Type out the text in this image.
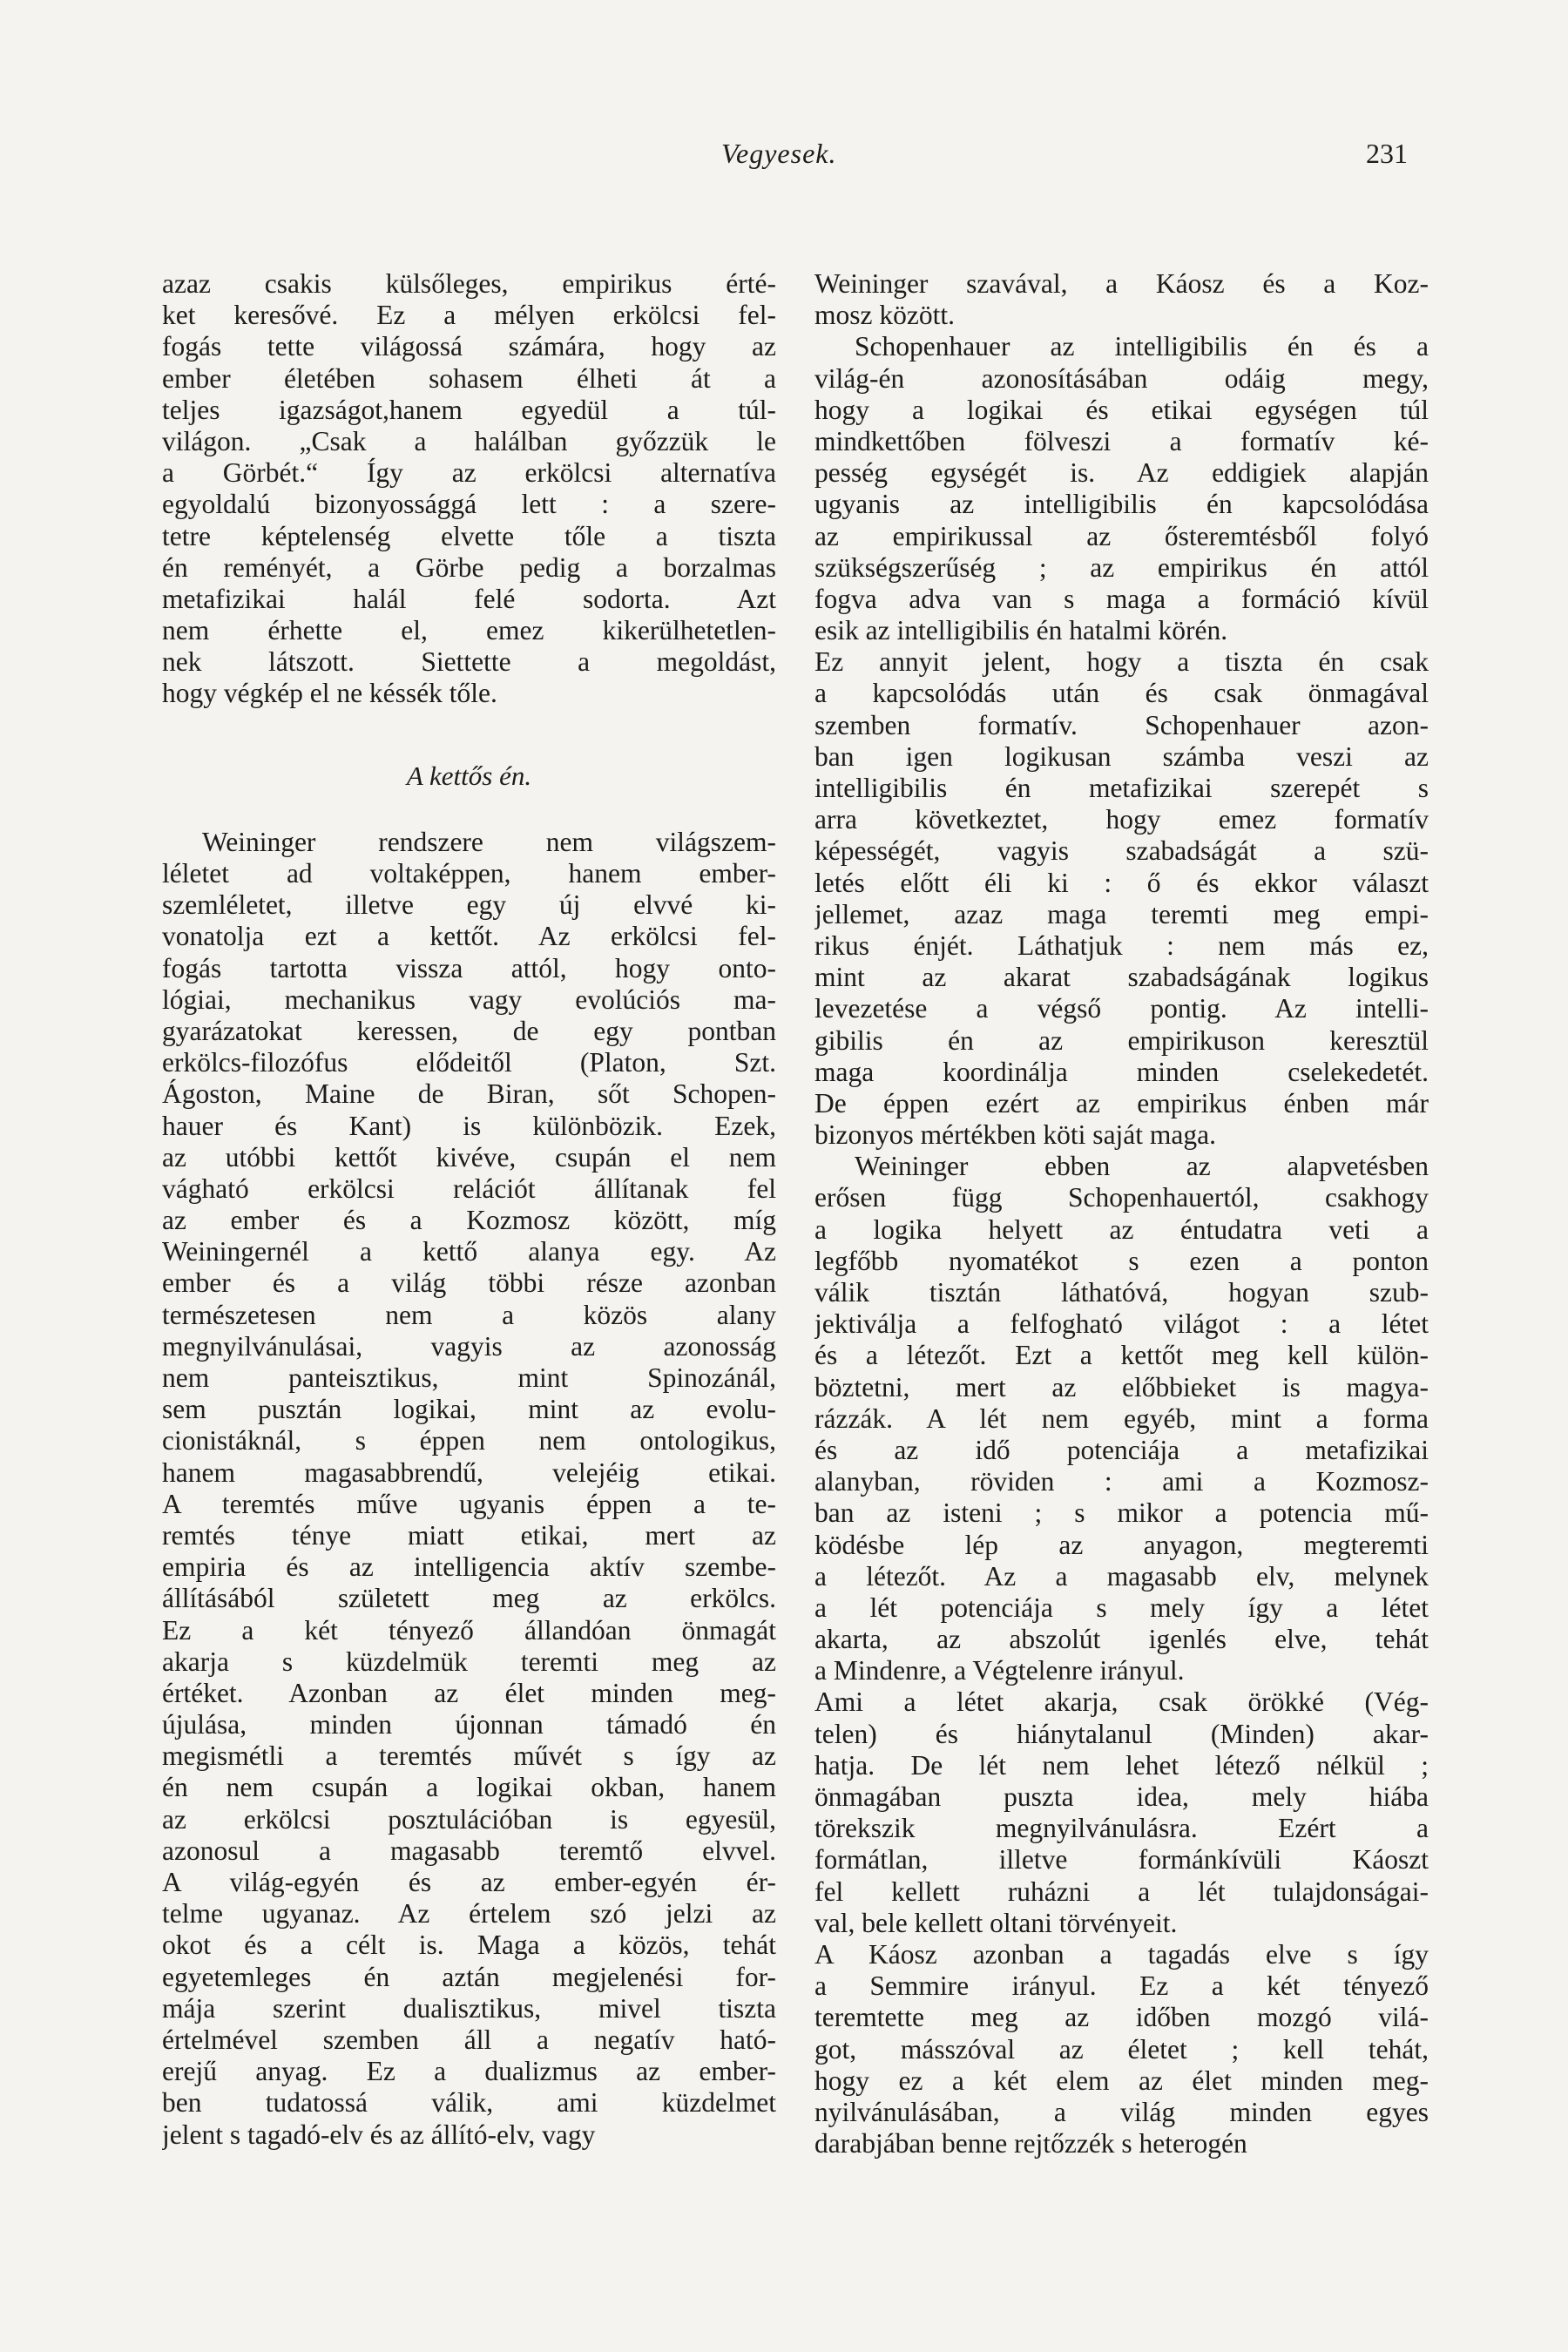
Vegyesek.	231
azaz csakis külsőleges, empirikus érté-
ket keresővé. Ez a mélyen erkölcsi fel-
fogás tette világossá számára, hogy az
ember életében sohasem élheti át a
teljes igazságot,hanem egyedül a túl-
világon. „Csak a halálban győzzük le
a Görbét.“ Így az erkölcsi alternatíva
egyoldalú bizonyossággá lett : a szere-
tetre képtelenség elvette tőle a tiszta
én reményét, a Görbe pedig a borzalmas
metafizikai halál felé sodorta. Azt
nem érhette el, emez kikerülhetetlen-
nek látszott. Siettette a megoldást,
hogy végkép el ne késsék tőle.
A kettős én.
Weininger rendszere nem világszem-
léletet ad voltaképpen, hanem ember-
szemléletet, illetve egy új elvvé ki-
vonatolja ezt a kettőt. Az erkölcsi fel-
fogás tartotta vissza attól, hogy onto-
lógiai, mechanikus vagy evolúciós ma-
gyarázatokat keressen, de egy pontban
erkölcs-filozófus elődeitől (Platon, Szt.
Ágoston, Maine de Biran, sőt Schopen-
hauer és Kant) is különbözik. Ezek,
az utóbbi kettőt kivéve, csupán el nem
vágható erkölcsi relációt állítanak fel
az ember és a Kozmosz között, míg
Weiningernél a kettő alanya egy. Az
ember és a világ többi része azonban
természetesen nem a közös alany
megnyilvánulásai, vagyis az azonosság
nem panteisztikus, mint Spinozánál,
sem pusztán logikai, mint az evolu-
cionistáknál, s éppen nem ontologikus,
hanem magasabbrendű, velejéig etikai.
A teremtés műve ugyanis éppen a te-
remtés ténye miatt etikai, mert az
empiria és az intelligencia aktív szembe-
állításából született meg az erkölcs.
Ez a két tényező állandóan önmagát
akarja s küzdelmük teremti meg az
értéket. Azonban az élet minden meg-
újulása, minden újonnan támadó én
megismétli a teremtés művét s így az
én nem csupán a logikai okban, hanem
az erkölcsi posztulációban is egyesül,
azonosul a magasabb teremtő elvvel.
A világ-egyén és az ember-egyén ér-
telme ugyanaz. Az értelem szó jelzi az
okot és a célt is. Maga a közös, tehát
egyetemleges én aztán megjelenési for-
mája szerint dualisztikus, mivel tiszta
értelmével szemben áll a negatív ható-
erejű anyag. Ez a dualizmus az ember-
ben tudatossá válik, ami küzdelmet
jelent s tagadó-elv és az állító-elv, vagy
Weininger szavával, a Káosz és a Koz-
mosz között.
Schopenhauer az intelligibilis én és a
világ-én azonosításában odáig megy,
hogy a logikai és etikai egységen túl
mindkettőben fölveszi a formatív ké-
pesség egységét is. Az eddigiek alapján
ugyanis az intelligibilis én kapcsolódása
az empirikussal az ősteremtésből folyó
szükségszerűség ; az empirikus én attól
fogva adva van s maga a formáció kívül
esik az intelligibilis én hatalmi körén.
Ez annyit jelent, hogy a tiszta én csak
a kapcsolódás után és csak önmagával
szemben formatív. Schopenhauer azon-
ban igen logikusan számba veszi az
intelligibilis én metafizikai szerepét s
arra következtet, hogy emez formatív
képességét, vagyis szabadságát a szü-
letés előtt éli ki : ő és ekkor választ
jellemet, azaz maga teremti meg empi-
rikus énjét. Láthatjuk : nem más ez,
mint az akarat szabadságának logikus
levezetése a végső pontig. Az intelli-
gibilis én az empirikuson keresztül
maga koordinálja minden cselekedetét.
De éppen ezért az empirikus énben már
bizonyos mértékben köti saját maga.
Weininger ebben az alapvetésben
erősen függ Schopenhauertól, csakhogy
a logika helyett az éntudatra veti a
legfőbb nyomatékot s ezen a ponton
válik tisztán láthatóvá, hogyan szub-
jektiválja a felfogható világot : a létet
és a létezőt. Ezt a kettőt meg kell külön-
böztetni, mert az előbbieket is magya-
rázzák. A lét nem egyéb, mint a forma
és az idő potenciája a metafizikai
alanyban, röviden : ami a Kozmosz-
ban az isteni ; s mikor a potencia mű-
ködésbe lép az anyagon, megteremti
a létezőt. Az a magasabb elv, melynek
a lét potenciája s mely így a létet
akarta, az abszolút igenlés elve, tehát
a Mindenre, a Végtelenre irányul.
Ami a létet akarja, csak örökké (Vég-
telen) és hiánytalanul (Minden) akar-
hatja. De lét nem lehet létező nélkül ;
önmagában puszta idea, mely hiába
törekszik megnyilvánulásra. Ezért a
formátlan, illetve formánkívüli Káoszt
fel kellett ruházni a lét tulajdonságai-
val, bele kellett oltani törvényeit.
A Káosz azonban a tagadás elve s így
a Semmire irányul. Ez a két tényező
teremtette meg az időben mozgó vilá-
got, másszóval az életet ; kell tehát,
hogy ez a két elem az élet minden meg-
nyilvánulásában, a világ minden egyes
darabjában benne rejtőzzék s heterogén
